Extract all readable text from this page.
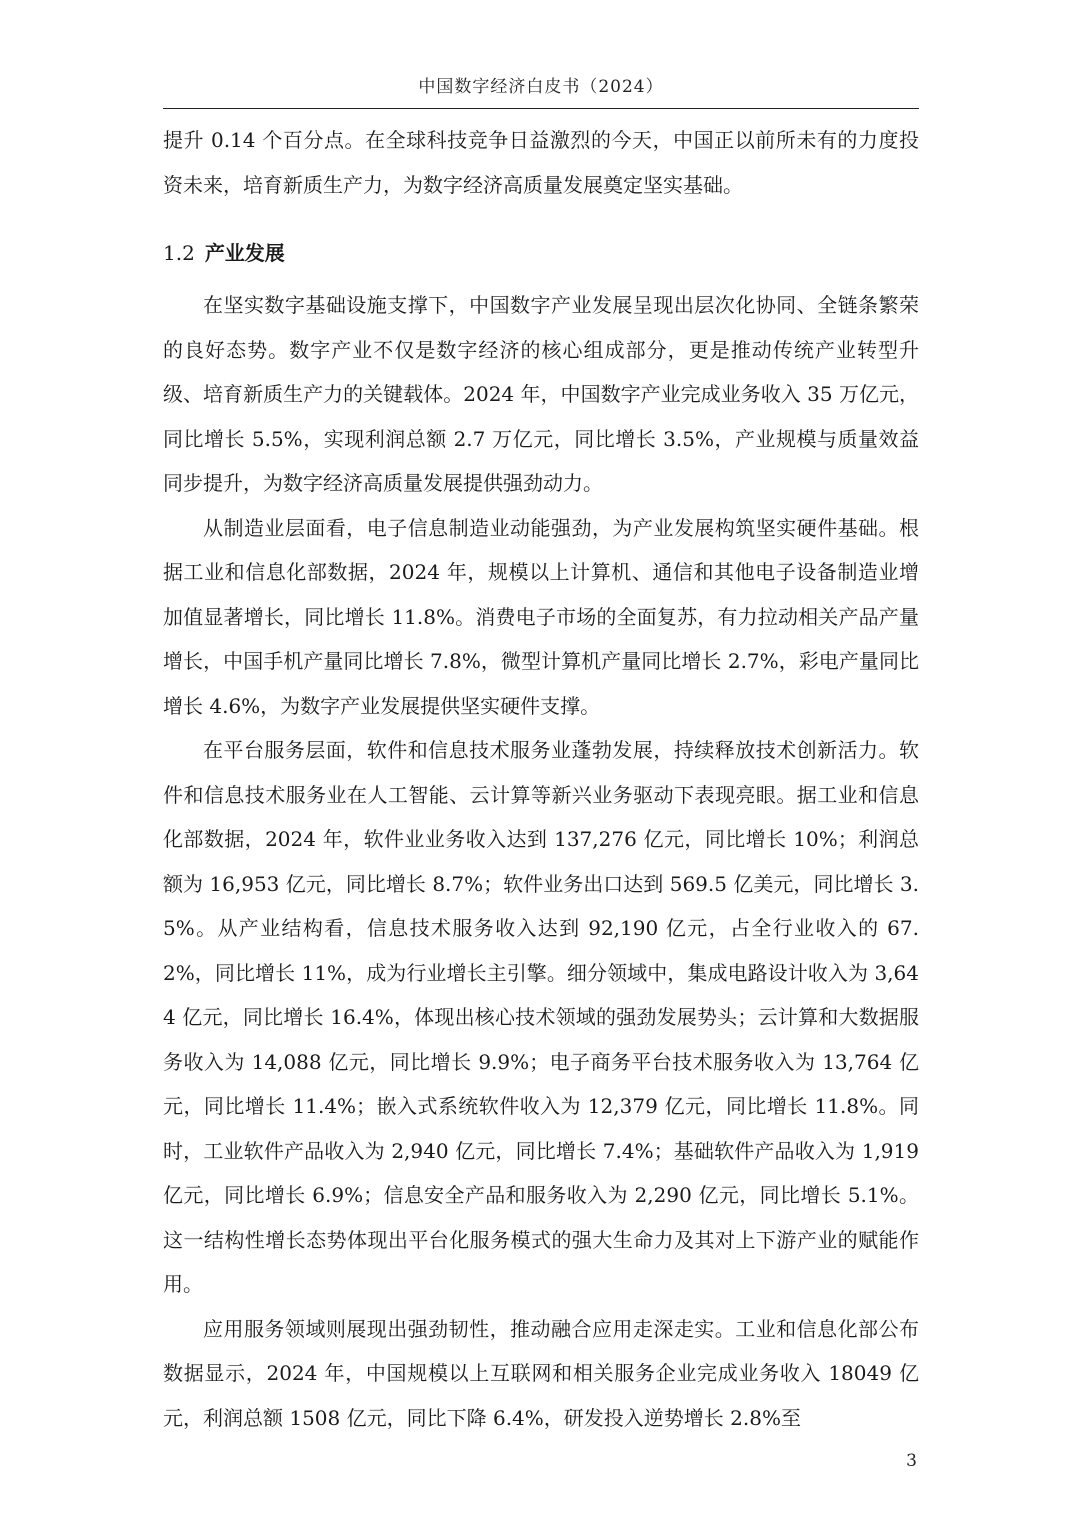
中国数字经济白皮书（2024）

提升 0.14 个百分点。在全球科技竞争日益激烈的今天，中国正以前所未有的力度投资未来，培育新质生产力，为数字经济高质量发展奠定坚实基础。

1.2 产业发展

在坚实数字基础设施支撑下，中国数字产业发展呈现出层次化协同、全链条繁荣的良好态势。数字产业不仅是数字经济的核心组成部分，更是推动传统产业转型升级、培育新质生产力的关键载体。2024 年，中国数字产业完成业务收入 35 万亿元，同比增长 5.5%，实现利润总额 2.7 万亿元，同比增长 3.5%，产业规模与质量效益同步提升，为数字经济高质量发展提供强劲动力。

从制造业层面看，电子信息制造业动能强劲，为产业发展构筑坚实硬件基础。根据工业和信息化部数据，2024 年，规模以上计算机、通信和其他电子设备制造业增加值显著增长，同比增长 11.8%。消费电子市场的全面复苏，有力拉动相关产品产量增长，中国手机产量同比增长 7.8%，微型计算机产量同比增长 2.7%，彩电产量同比增长 4.6%，为数字产业发展提供坚实硬件支撑。

在平台服务层面，软件和信息技术服务业蓬勃发展，持续释放技术创新活力。软件和信息技术服务业在人工智能、云计算等新兴业务驱动下表现亮眼。据工业和信息化部数据，2024 年，软件业业务收入达到 137,276 亿元，同比增长 10%；利润总额为 16,953 亿元，同比增长 8.7%；软件业务出口达到 569.5 亿美元，同比增长 3.5%。从产业结构看，信息技术服务收入达到 92,190 亿元，占全行业收入的 67.2%，同比增长 11%，成为行业增长主引擎。细分领域中，集成电路设计收入为 3,644 亿元，同比增长 16.4%，体现出核心技术领域的强劲发展势头；云计算和大数据服务收入为 14,088 亿元，同比增长 9.9%；电子商务平台技术服务收入为 13,764 亿元，同比增长 11.4%；嵌入式系统软件收入为 12,379 亿元，同比增长 11.8%。同时，工业软件产品收入为 2,940 亿元，同比增长 7.4%；基础软件产品收入为 1,919 亿元，同比增长 6.9%；信息安全产品和服务收入为 2,290 亿元，同比增长 5.1%。这一结构性增长态势体现出平台化服务模式的强大生命力及其对上下游产业的赋能作用。

应用服务领域则展现出强劲韧性，推动融合应用走深走实。工业和信息化部公布数据显示，2024 年，中国规模以上互联网和相关服务企业完成业务收入 18049 亿元，利润总额 1508 亿元，同比下降 6.4%，研发投入逆势增长 2.8%至

3
